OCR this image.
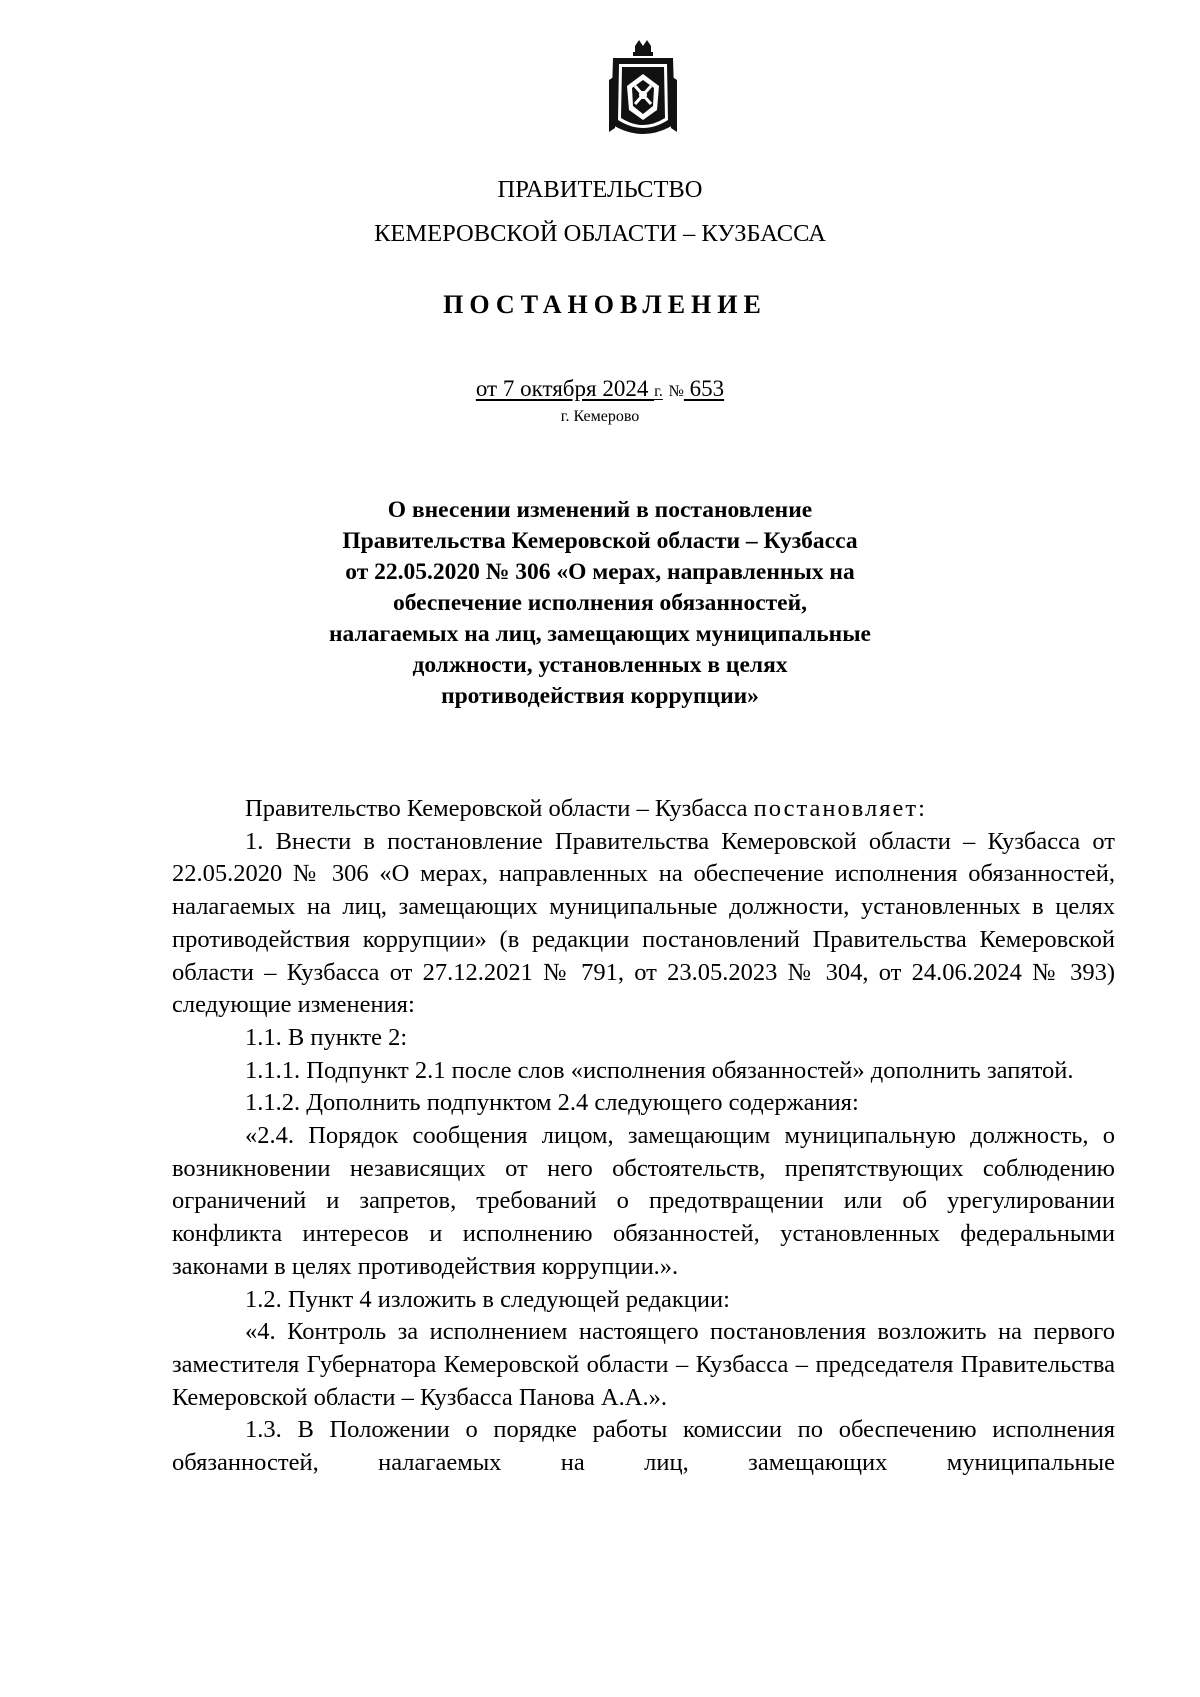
ПРАВИТЕЛЬСТВО
КЕМЕРОВСКОЙ ОБЛАСТИ – КУЗБАССА
ПОСТАНОВЛЕНИЕ
от 7 октября 2024 г. № 653
г. Кемерово
О внесении изменений в постановление
Правительства Кемеровской области – Кузбасса
от 22.05.2020 № 306 «О мерах, направленных на
обеспечение исполнения обязанностей,
налагаемых на лиц, замещающих муниципальные
должности, установленных в целях
противодействия коррупции»

Правительство Кемеровской области – Кузбасса постановляет:

1. Внести в постановление Правительства Кемеровской области – Кузбасса от 22.05.2020 № 306 «О мерах, направленных на обеспечение исполнения обязанностей, налагаемых на лиц, замещающих муниципальные должности, установленных в целях противодействия коррупции» (в редакции постановлений Правительства Кемеровской области – Кузбасса от 27.12.2021 № 791, от 23.05.2023 № 304, от 24.06.2024 № 393) следующие изменения:

1.1. В пункте 2:

1.1.1. Подпункт 2.1 после слов «исполнения обязанностей» дополнить запятой.

1.1.2. Дополнить подпунктом 2.4 следующего содержания:

«2.4. Порядок сообщения лицом, замещающим муниципальную должность, о возникновении независящих от него обстоятельств, препятствующих соблюдению ограничений и запретов, требований о предотвращении или об урегулировании конфликта интересов и исполнению обязанностей, установленных федеральными законами в целях противодействия коррупции.».

1.2. Пункт 4 изложить в следующей редакции:

«4. Контроль за исполнением настоящего постановления возложить на первого заместителя Губернатора Кемеровской области – Кузбасса – председателя Правительства Кемеровской области – Кузбасса Панова А.А.».

1.3. В Положении о порядке работы комиссии по обеспечению исполнения обязанностей, налагаемых на лиц, замещающих муниципальные
